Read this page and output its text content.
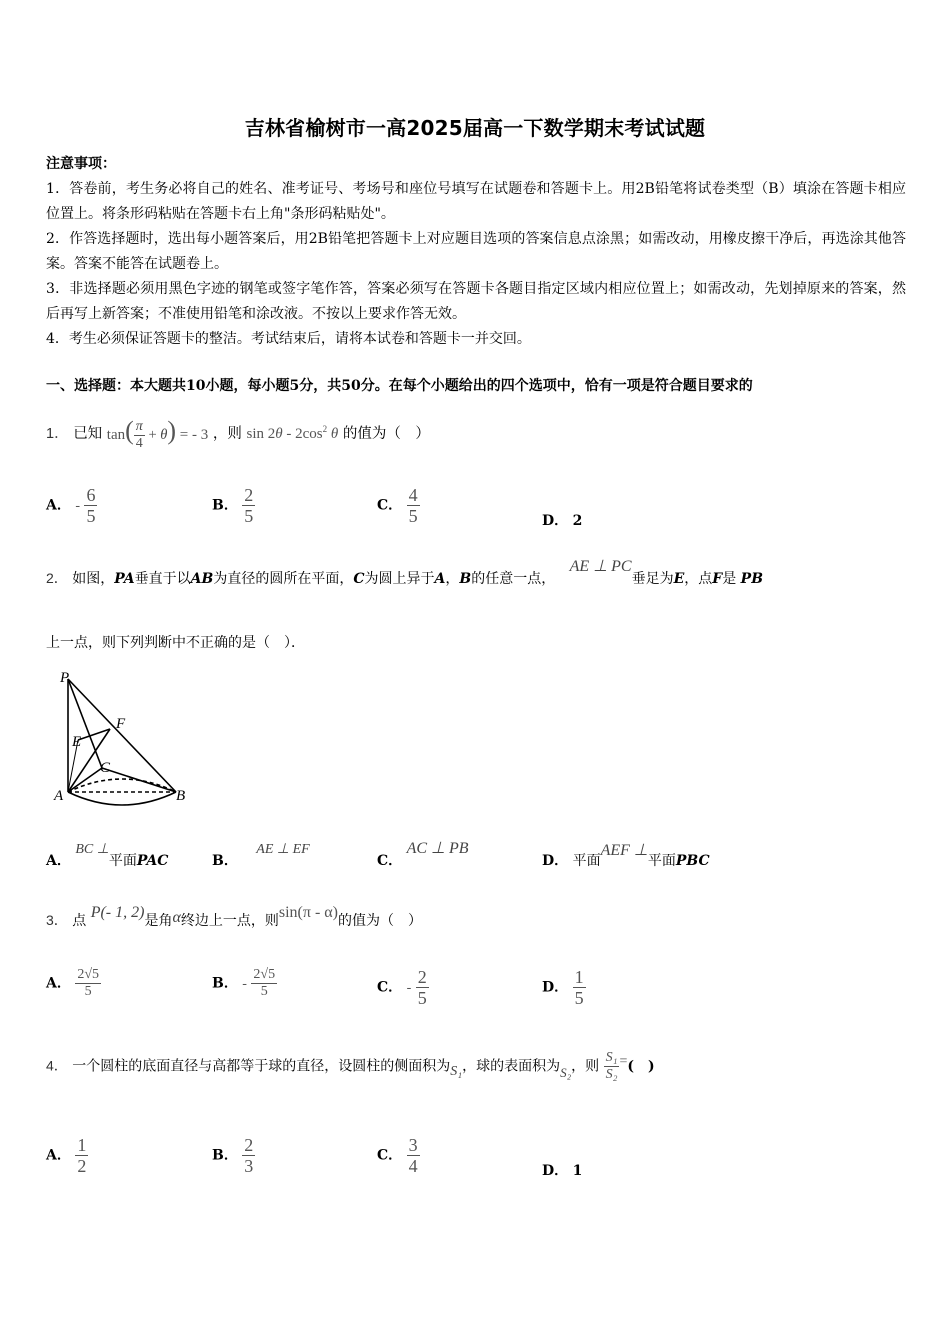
吉林省榆树市一高2025届高一下数学期末考试试题
注意事项：

1．答卷前，考生务必将自己的姓名、准考证号、考场号和座位号填写在试题卷和答题卡上。用2B铅笔将试卷类型（B）填涂在答题卡相应位置上。将条形码粘贴在答题卡右上角"条形码粘贴处"。

2．作答选择题时，选出每小题答案后，用2B铅笔把答题卡上对应题目选项的答案信息点涂黑；如需改动，用橡皮擦干净后，再选涂其他答案。答案不能答在试题卷上。

3．非选择题必须用黑色字迹的钢笔或签字笔作答，答案必须写在答题卡各题目指定区域内相应位置上；如需改动，先划掉原来的答案，然后再写上新答案；不准使用铅笔和涂改液。不按以上要求作答无效。

4．考生必须保证答题卡的整洁。考试结束后，请将本试卷和答题卡一并交回。

一、选择题：本大题共10小题，每小题5分，共50分。在每个小题给出的四个选项中，恰有一项是符合题目要求的
1． 已知 $\tan( \frac{\pi}{4} + \theta)$ = - 3 ，则 $\sin 2\theta - 2\cos^2$ θ 的值为（　）
A． - $\frac{6}{5}$	B． $\frac{2}{5}$	C． $\frac{4}{5}$	D． 2
2． 如图，PA垂直于以AB为直径的圆所在平面，C为圆上异于A，B的任意一点， AE ⊥ PC垂足为E，点F是 PB
上一点，则下列判断中不正确的是（　）．
P
F
E
C
A	B
A． BC ⊥平面PAC	B． AE ⊥ EF
C． AC ⊥ PB
D． 平面AEF ⊥平面PBC
3． 点 P(- 1, 2)是角α终边上一点，则sin(π - α)的值为（　）
A． $\frac{2√5}{5}$	B． - $\frac{2√5}{5}$	C． - $\frac{2}{5}$	D． $\frac{1}{5}$
4． 一个圆柱的底面直径与高都等于球的直径，设圆柱的侧面积为S₁，球的表面积为S₂，则 $\frac{\text{S₁}}{\text{S₂}}$ =(　)
A． $\frac{1}{2}$	B． $\frac{2}{3}$	C． $\frac{3}{4}$	D． 1
